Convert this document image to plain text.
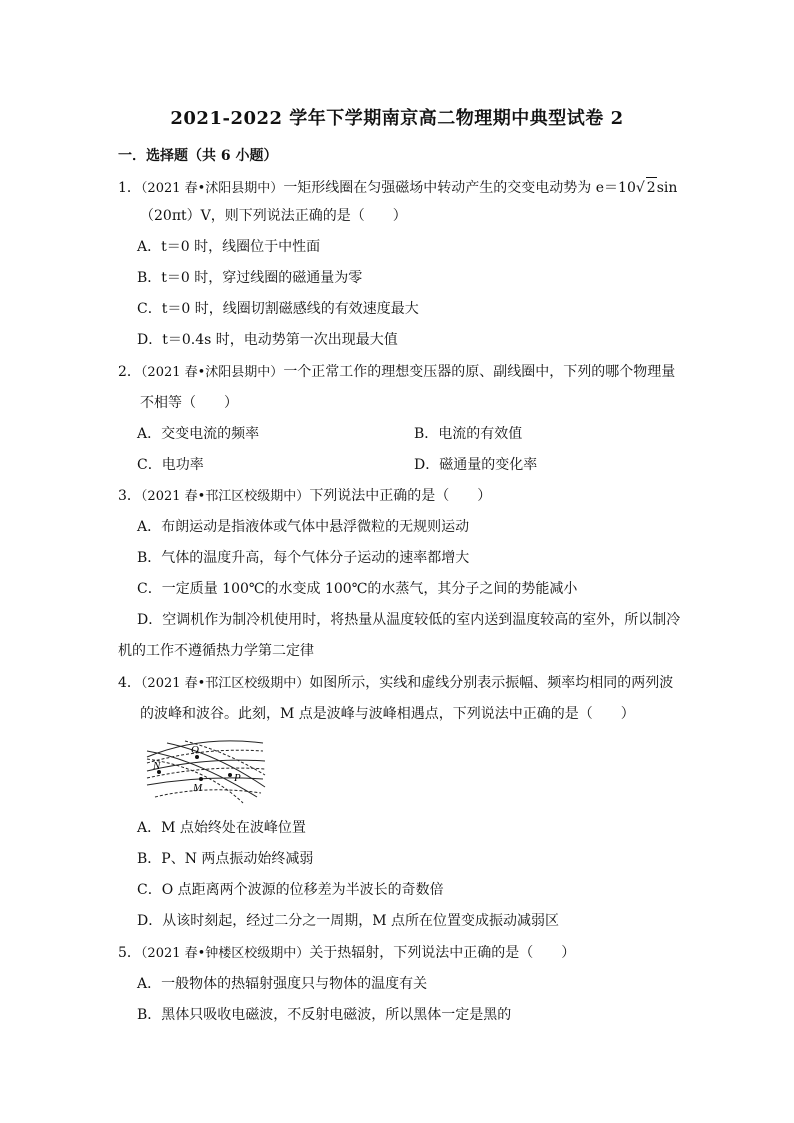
2021-2022 学年下学期南京高二物理期中典型试卷 2
一．选择题（共 6 小题）
1．（2021 春•沭阳县期中）一矩形线圈在匀强磁场中转动产生的交变电动势为 e＝10√ 2sin
（20πt）V，则下列说法正确的是（　　）
A．t＝0 时，线圈位于中性面
B．t＝0 时，穿过线圈的磁通量为零
C．t＝0 时，线圈切割磁感线的有效速度最大
D．t＝0.4s 时，电动势第一次出现最大值
2．（2021 春•沭阳县期中）一个正常工作的理想变压器的原、副线圈中，下列的哪个物理量
不相等（　　）
A．交变电流的频率	B．电流的有效值
C．电功率	D．磁通量的变化率
3．（2021 春•邗江区校级期中）下列说法中正确的是（　　）
A．布朗运动是指液体或气体中悬浮微粒的无规则运动
B．气体的温度升高，每个气体分子运动的速率都增大
C．一定质量 100℃的水变成 100℃的水蒸气，其分子之间的势能减小
D．空调机作为制冷机使用时，将热量从温度较低的室内送到温度较高的室外，所以制冷
机的工作不遵循热力学第二定律
4．（2021 春•邗江区校级期中）如图所示，实线和虚线分别表示振幅、频率均相同的两列波
的波峰和波谷。此刻，M 点是波峰与波峰相遇点，下列说法中正确的是（　　）
O
N
M
P
A．M 点始终处在波峰位置
B．P、N 两点振动始终减弱
C．O 点距离两个波源的位移差为半波长的奇数倍
D．从该时刻起，经过二分之一周期，M 点所在位置变成振动减弱区
5．（2021 春•钟楼区校级期中）关于热辐射，下列说法中正确的是（　　）
A．一般物体的热辐射强度只与物体的温度有关
B．黑体只吸收电磁波，不反射电磁波，所以黑体一定是黑的
